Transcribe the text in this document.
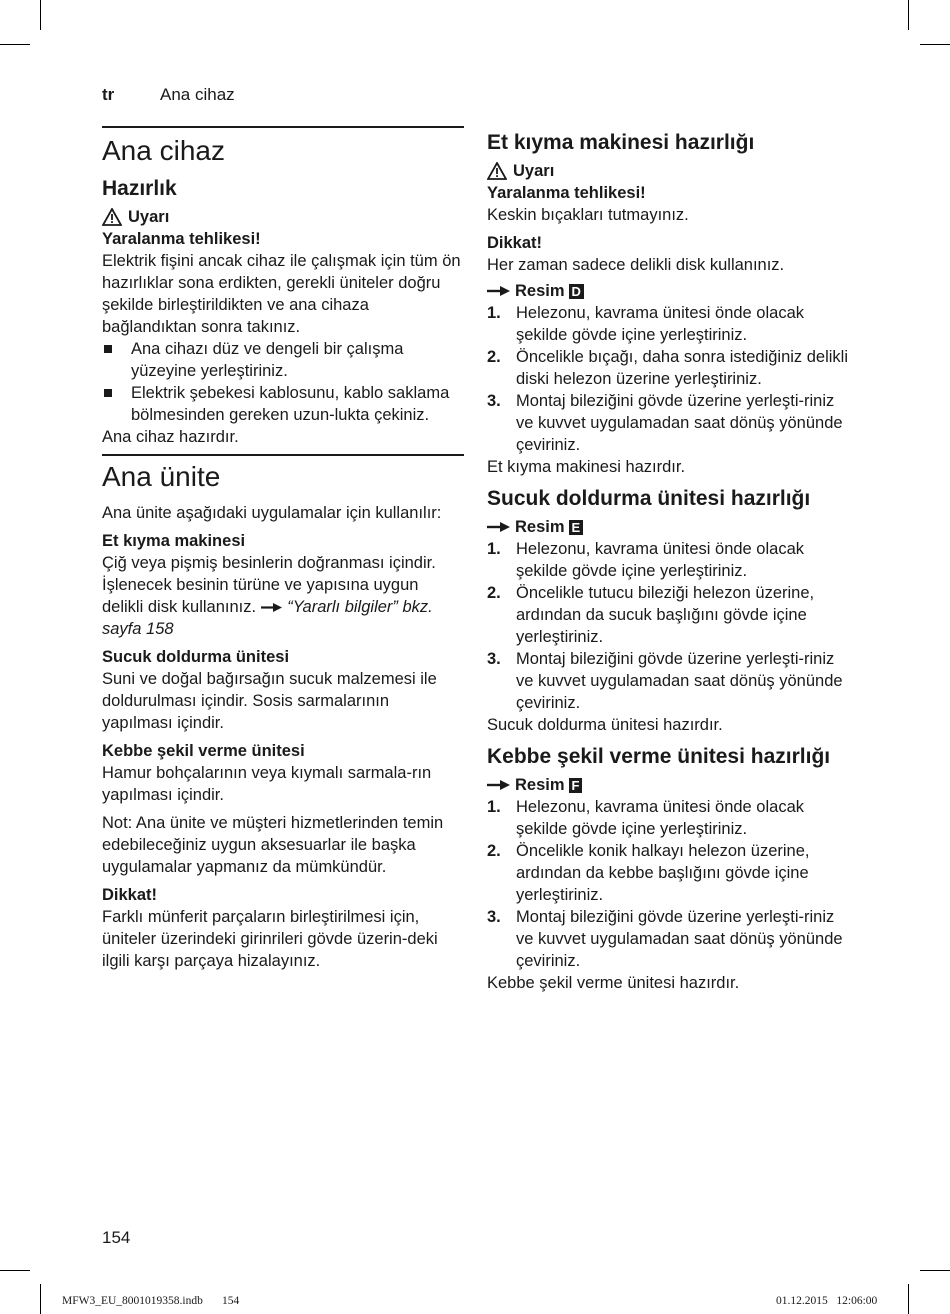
tr	Ana cihaz
Ana cihaz
Hazırlık
Uyarı

Yaralanma tehlikesi!

Elektrik fişini ancak cihaz ile çalışmak için tüm ön hazırlıklar sona erdikten, gerekli üniteler doğru şekilde birleştirildikten ve ana cihaza bağlandıktan sonra takınız.

Ana cihazı düz ve dengeli bir çalışma yüzeyine yerleştiriniz.
Elektrik şebekesi kablosunu, kablo saklama bölmesinden gereken uzun-lukta çekiniz.

Ana cihaz hazırdır.

Ana ünite

Ana ünite aşağıdaki uygulamalar için kullanılır:

Et kıyma makinesi

Çiğ veya pişmiş besinlerin doğranması içindir. İşlenecek besinin türüne ve yapısına uygun delikli disk kullanınız. “Yararlı bilgiler” bkz. sayfa 158

Sucuk doldurma ünitesi

Suni ve doğal bağırsağın sucuk malzemesi ile doldurulması içindir. Sosis sarmalarının yapılması içindir.

Kebbe şekil verme ünitesi

Hamur bohçalarının veya kıymalı sarmala-rın yapılması içindir.

Not: Ana ünite ve müşteri hizmetlerinden temin edebileceğiniz uygun aksesuarlar ile başka uygulamalar yapmanız da mümkündür.

Dikkat!

Farklı münferit parçaların birleştirilmesi için, üniteler üzerindeki girinrileri gövde üzerin-deki ilgili karşı parçaya hizalayınız.

Et kıyma makinesi hazırlığı
Uyarı

Yaralanma tehlikesi!

Keskin bıçakları tutmayınız.

Dikkat!

Her zaman sadece delikli disk kullanınız.

Resim D
1. Helezonu, kavrama ünitesi önde olacak şekilde gövde içine yerleştiriniz.
2. Öncelikle bıçağı, daha sonra istediğiniz delikli diski helezon üzerine yerleştiriniz.
3. Montaj bileziğini gövde üzerine yerleşti-riniz ve kuvvet uygulamadan saat dönüş yönünde çeviriniz.

Et kıyma makinesi hazırdır.

Sucuk doldurma ünitesi hazırlığı
Resim E
1. Helezonu, kavrama ünitesi önde olacak şekilde gövde içine yerleştiriniz.
2. Öncelikle tutucu bileziği helezon üzerine, ardından da sucuk başlığını gövde içine yerleştiriniz.
3. Montaj bileziğini gövde üzerine yerleşti-riniz ve kuvvet uygulamadan saat dönüş yönünde çeviriniz.

Sucuk doldurma ünitesi hazırdır.

Kebbe şekil verme ünitesi hazırlığı
Resim F
1. Helezonu, kavrama ünitesi önde olacak şekilde gövde içine yerleştiriniz.
2. Öncelikle konik halkayı helezon üzerine, ardından da kebbe başlığını gövde içine yerleştiriniz.
3. Montaj bileziğini gövde üzerine yerleşti-riniz ve kuvvet uygulamadan saat dönüş yönünde çeviriniz.

Kebbe şekil verme ünitesi hazırdır.

154
MFW3_EU_8001019358.indb 154	01.12.2015   12:06:00
